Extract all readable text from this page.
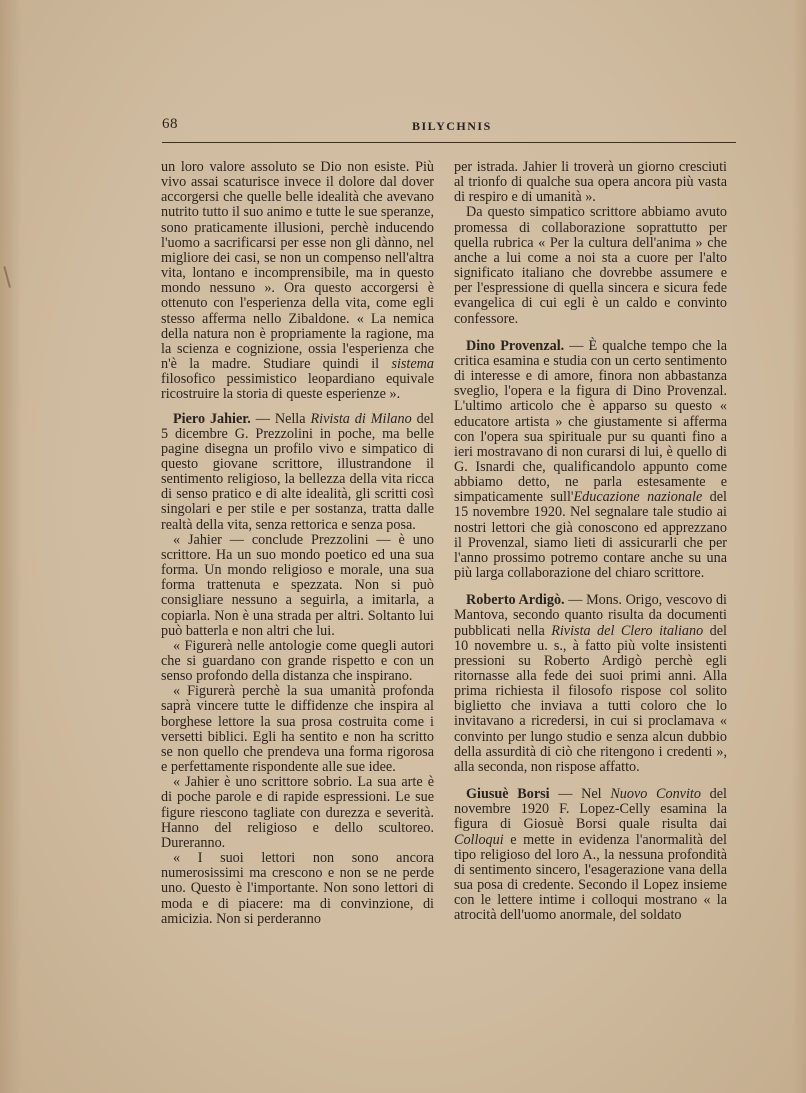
68	BILYCHNIS

un loro valore assoluto se Dio non esiste. Più vivo assai scaturisce invece il dolore dal dover accorgersi che quelle belle idealità che avevano nutrito tutto il suo animo e tutte le sue speranze, sono praticamente illusioni, perchè inducendo l'uomo a sacrificarsi per esse non gli dànno, nel migliore dei casi, se non un compenso nell'altra vita, lontano e incomprensibile, ma in questo mondo nessuno ». Ora questo accorgersi è ottenuto con l'esperienza della vita, come egli stesso afferma nello Zibaldone. « La nemica della natura non è propriamente la ragione, ma la scienza e cognizione, ossia l'esperienza che n'è la madre. Studiare quindi il sistema filosofico pessimistico leopardiano equivale ricostruire la storia di queste esperienze ».

Piero Jahier. — Nella Rivista di Milano del 5 dicembre G. Prezzolini in poche, ma belle pagine disegna un profilo vivo e simpatico di questo giovane scrittore, illustrandone il sentimento religioso, la bellezza della vita ricca di senso pratico e di alte idealità, gli scritti così singolari e per stile e per sostanza, tratta dalle realtà della vita, senza rettorica e senza posa.

« Jahier — conclude Prezzolini — è uno scrittore. Ha un suo mondo poetico ed una sua forma. Un mondo religioso e morale, una sua forma trattenuta e spezzata. Non si può consigliare nessuno a seguirla, a imitarla, a copiarla. Non è una strada per altri. Soltanto lui può batterla e non altri che lui.

« Figurerà nelle antologie come quegli autori che si guardano con grande rispetto e con un senso profondo della distanza che inspirano.

« Figurerà perchè la sua umanità profonda saprà vincere tutte le diffidenze che inspira al borghese lettore la sua prosa costruita come i versetti biblici. Egli ha sentito e non ha scritto se non quello che prendeva una forma rigorosa e perfettamente rispondente alle sue idee.

« Jahier è uno scrittore sobrio. La sua arte è di poche parole e di rapide espressioni. Le sue figure riescono tagliate con durezza e severità. Hanno del religioso e dello scultoreo. Dureranno.

« I suoi lettori non sono ancora numerosissimi ma crescono e non se ne perde uno. Questo è l'importante. Non sono lettori di moda e di piacere: ma di convinzione, di amicizia. Non si perderanno

per istrada. Jahier li troverà un giorno cresciuti al trionfo di qualche sua opera ancora più vasta di respiro e di umanità ».

Da questo simpatico scrittore abbiamo avuto promessa di collaborazione soprattutto per quella rubrica « Per la cultura dell'anima » che anche a lui come a noi sta a cuore per l'alto significato italiano che dovrebbe assumere e per l'espressione di quella sincera e sicura fede evangelica di cui egli è un caldo e convinto confessore.

Dino Provenzal. — È qualche tempo che la critica esamina e studia con un certo sentimento di interesse e di amore, finora non abbastanza sveglio, l'opera e la figura di Dino Provenzal. L'ultimo articolo che è apparso su questo « educatore artista » che giustamente si afferma con l'opera sua spirituale pur su quanti fino a ieri mostravano di non curarsi di lui, è quello di G. Isnardi che, qualificandolo appunto come abbiamo detto, ne parla estesamente e simpaticamente sull'Educazione nazionale del 15 novembre 1920. Nel segnalare tale studio ai nostri lettori che già conoscono ed apprezzano il Provenzal, siamo lieti di assicurarli che per l'anno prossimo potremo contare anche su una più larga collaborazione del chiaro scrittore.

Roberto Ardigò. — Mons. Origo, vescovo di Mantova, secondo quanto risulta da documenti pubblicati nella Rivista del Clero italiano del 10 novembre u. s., à fatto più volte insistenti pressioni su Roberto Ardigò perchè egli ritornasse alla fede dei suoi primi anni. Alla prima richiesta il filosofo rispose col solito biglietto che inviava a tutti coloro che lo invitavano a ricredersi, in cui si proclamava « convinto per lungo studio e senza alcun dubbio della assurdità di ciò che ritengono i credenti », alla seconda, non rispose affatto.

Giusuè Borsi — Nel Nuovo Convito del novembre 1920 F. Lopez-Celly esamina la figura di Giosuè Borsi quale risulta dai Colloqui e mette in evidenza l'anormalità del tipo religioso del loro A., la nessuna profondità di sentimento sincero, l'esagerazione vana della sua posa di credente. Secondo il Lopez insieme con le lettere intime i colloqui mostrano « la atrocità dell'uomo anormale, del soldato
